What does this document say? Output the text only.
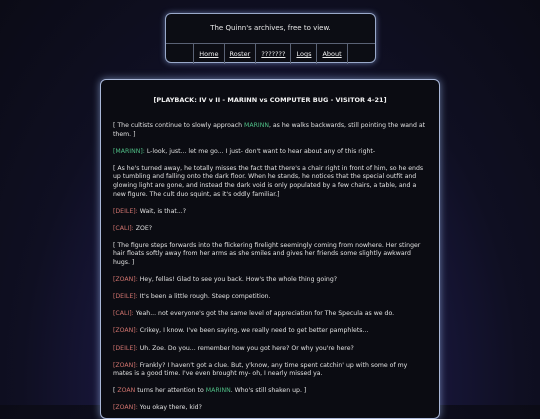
The Quinn's archives, free to view.
Home	Roster	???????	Logs	About
[PLAYBACK: IV v II - MARINN vs COMPUTER BUG - VISITOR 4-21]

[ The cultists continue to slowly approach MARINN, as he walks backwards, still pointing the wand at them. ]

[MARINN]: L-look, just... let me go... I just- don't want to hear about any of this right-

[ As he's turned away, he totally misses the fact that there's a chair right in front of him, so he ends up tumbling and falling onto the dark floor. When he stands, he notices that the special outfit and glowing light are gone, and instead the dark void is only populated by a few chairs, a table, and a new figure. The cult duo squint, as it's oddly familiar.]

[DEILE]: Wait, is that...?

[CALI]: ZOE?

[ The figure steps forwards into the flickering firelight seemingly coming from nowhere. Her stinger hair floats softly away from her arms as she smiles and gives her friends some slightly awkward hugs. ]

[ZOAN]: Hey, fellas! Glad to see you back. How's the whole thing going?

[DEILE]: It's been a little rough. Steep competition.

[CALI]: Yeah... not everyone's got the same level of appreciation for The Specula as we do.

[ZOAN]: Crikey, I know. I've been saying, we really need to get better pamphlets...

[DEILE]: Uh. Zoe. Do you... remember how you got here? Or why you're here?

[ZOAN]: Frankly? I haven't got a clue. But, y'know, any time spent catchin' up with some of my mates is a good time. I've even brought my- oh, I nearly missed ya.

[ ZOAN turns her attention to MARINN. Who's still shaken up. ]

[ZOAN]: You okay there, kid?
